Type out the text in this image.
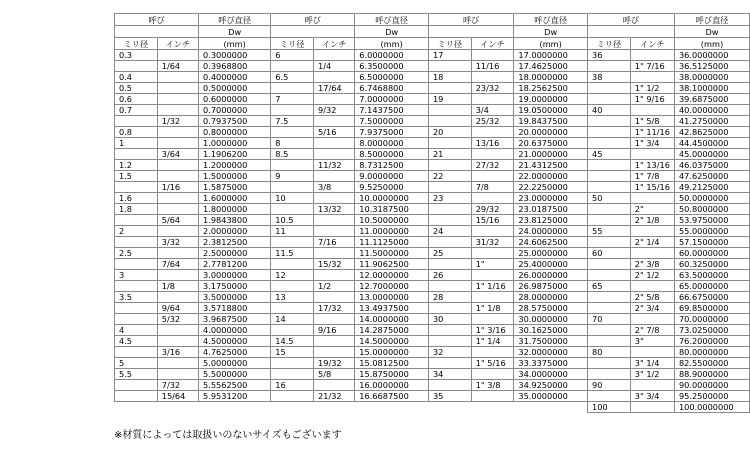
呼び		呼び直径	呼び		呼び直径	呼び		呼び直径	呼び		呼び直径
		Dw			Dw			Dw			Dw
ミリ径	インチ	(mm)	ミリ径	インチ	(mm)	ミリ径	インチ	(mm)	ミリ径	インチ	(mm)
0.3		0.3000000	6		6.0000000	17		17.0000000	36		36.0000000
	1/64	0.3968800		1/4	6.3500000		11/16	17.4625000		1" 7/16	36.5125000
0.4		0.4000000	6.5		6.5000000	18		18.0000000	38		38.0000000
0.5		0.5000000		17/64	6.7468800		23/32	18.2562500		1" 1/2	38.1000000
0.6		0.6000000	7		7.0000000	19		19.0000000		1" 9/16	39.6875000
0.7		0.7000000		9/32	7.1437500		3/4	19.0500000	40		40.0000000
	1/32	0.7937500	7.5		7.5000000		25/32	19.8437500		1" 5/8	41.2750000
0.8		0.8000000		5/16	7.9375000	20		20.0000000		1" 11/16	42.8625000
1		1.0000000	8		8.0000000		13/16	20.6375000		1" 3/4	44.4500000
	3/64	1.1906200	8.5		8.5000000	21		21.0000000	45		45.0000000
1.2		1.2000000		11/32	8.7312500		27/32	21.4312500		1" 13/16	46.0375000
1.5		1.5000000	9		9.0000000	22		22.0000000		1" 7/8	47.6250000
	1/16	1.5875000		3/8	9.5250000		7/8	22.2250000		1" 15/16	49.2125000
1.6		1.6000000	10		10.0000000	23		23.0000000	50		50.0000000
1.8		1.8000000		13/32	10.3187500		29/32	23.0187500		2"	50.8000000
	5/64	1.9843800	10.5		10.5000000		15/16	23.8125000		2" 1/8	53.9750000
2		2.0000000	11		11.0000000	24		24.0000000	55		55.0000000
	3/32	2.3812500		7/16	11.1125000		31/32	24.6062500		2" 1/4	57.1500000
2.5		2.5000000	11.5		11.5000000	25		25.0000000	60		60.0000000
	7/64	2.7781200		15/32	11.9062500		1"	25.4000000		2" 3/8	60.3250000
3		3.0000000	12		12.0000000	26		26.0000000		2" 1/2	63.5000000
	1/8	3.1750000		1/2	12.7000000		1" 1/16	26.9875000	65		65.0000000
3.5		3.5000000	13		13.0000000	28		28.0000000		2" 5/8	66.6750000
	9/64	3.5718800		17/32	13.4937500		1" 1/8	28.5750000		2" 3/4	69.8500000
	5/32	3.9687500	14		14.0000000	30		30.0000000	70		70.0000000
4		4.0000000		9/16	14.2875000		1" 3/16	30.1625000		2" 7/8	73.0250000
4.5		4.5000000	14.5		14.5000000		1" 1/4	31.7500000		3"	76.2000000
	3/16	4.7625000	15		15.0000000	32		32.0000000	80		80.0000000
5		5.0000000		19/32	15.0812500		1" 5/16	33.3375000		3" 1/4	82.5500000
5.5		5.5000000		5/8	15.8750000	34		34.0000000		3" 1/2	88.9000000
	7/32	5.5562500	16		16.0000000		1" 3/8	34.9250000	90		90.0000000
	15/64	5.9531200		21/32	16.6687500	35		35.0000000		3" 3/4	95.2500000
									100		100.0000000
※材質によっては取扱いのないサイズもございます
